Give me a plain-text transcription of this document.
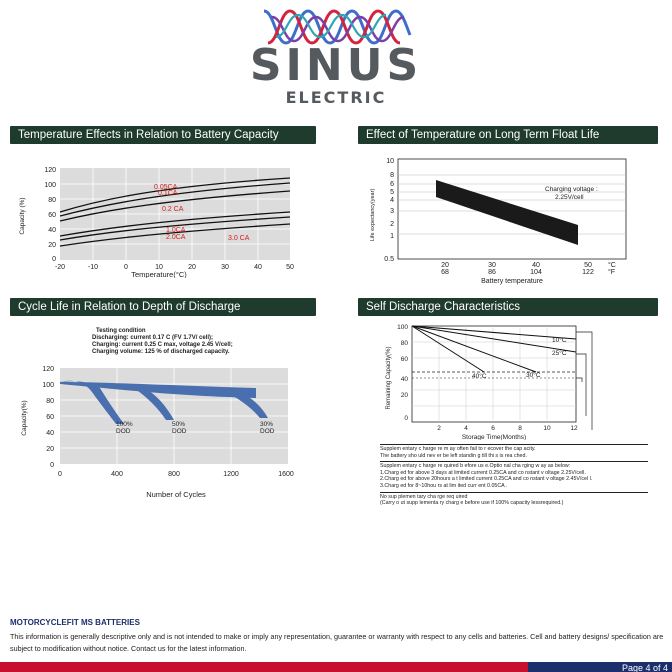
SINUS
ELECTRIC
Temperature Effects in Relation to Battery Capacity
120
100
80
60
40
20
0
-20	-10	0	10	20	30	40	50
Temperature(°C)
Capacity (%)
0.05CA
0.1CA
0.2 CA
1.0CA
2.0CA	3.0 CA
Effect of Temperature on Long Term Float Life
10
8
6
5
4
3
2
1
0.5
20	30	40	50 °C
68	86	104	122 °F
Battery temperature
Life expectancy(year)	Charging voltage : 2.25V/cell
Cycle Life in Relation to Depth of Discharge
Testing condition
Discharging: current 0.17 C (FV 1.7V/ cell);
Charging: current 0.25 C max, voltage 2.45 V/cell;
Charging volume: 125 % of discharged capacity.
120
100
80
60
40
20
0
0	400	800	1200	1600
Number of Cycles
Capacity(%)	100% DOD
50% DOD
30% DOD
Self Discharge Characteristics
100
80
60
40
20
0
2	4	6	8	10	12
Storage Time(Months)
Remaining Capacity(%)
10°C
25°C
40°C	30°C
Supplem entary c harge re m ay often fail to r ecover the cap acity.
The battery sho uld nev er be left standin g till thi s is rea ched.
Supplem entary c harge re quired b efore us e.Optio nal cha rging w ay as below:
1.Charg ed for above 3 days at limited current 0.25CA and co nstant v oltage 2.25V/cell.
2.Charg ed for above 20hours a t limited current 0.25CA and co nstant v oltage 2.45V/cel l.
3.Charg ed for 8~10hou rs at lim ited curr ent 0.05CA .
No sup plemen tary cha rge req uired
(Carry o ut supp lementa ry charg e before use if 100% capacity lessrequired.)
MOTORCYCLEFIT MS BATTERIES
This information is generally descriptive only and is not intended to make or imply any representation, guarantee or warranty with respect to any cells and batteries. Cell and battery designs/ specification are subject to modification without notice. Contact us for the latest information.
Page 4 of 4
